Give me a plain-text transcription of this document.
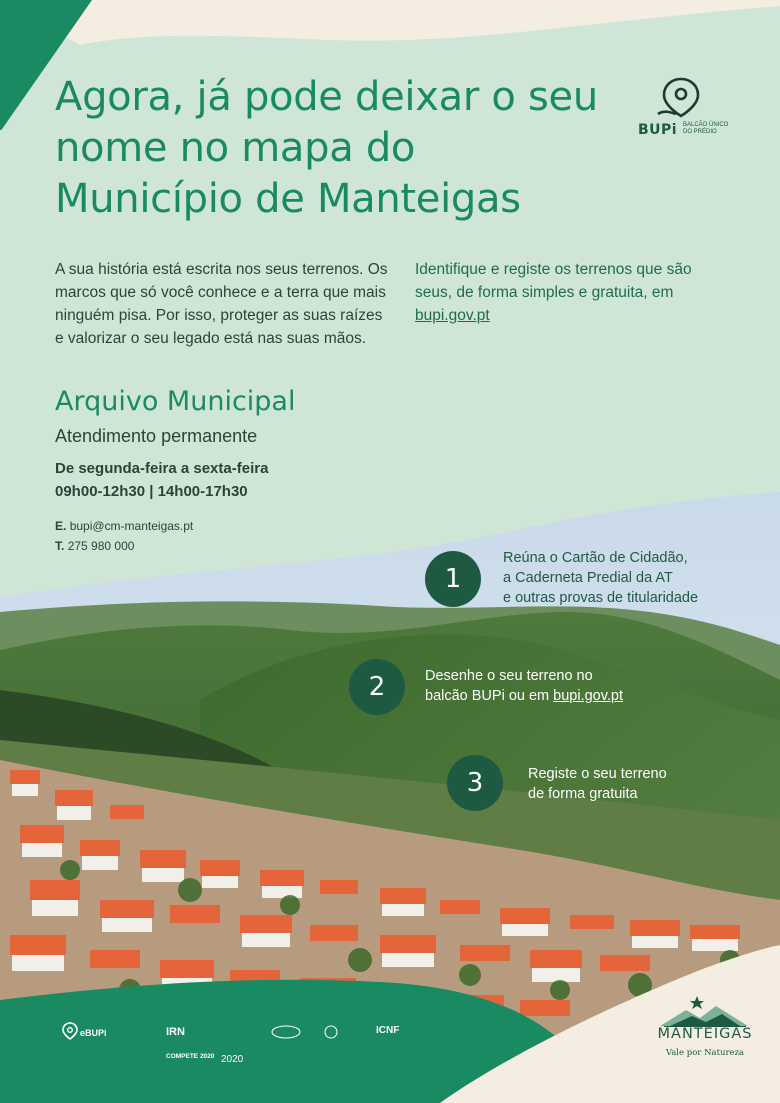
Agora, já pode deixar o seu nome no mapa do Município de Manteigas
BUPi BALCÃO ÚNICO
DO PRÉDIO

A sua história está escrita nos seus terrenos. Os marcos que só você conhece e a terra que mais ninguém pisa. Por isso, proteger as suas raízes e valorizar o seu legado está nas suas mãos.

Identifique e registe os terrenos que são seus, de forma simples e gratuita, em bupi.gov.pt

Arquivo Municipal
Atendimento permanente
De segunda-feira a sexta-feira
09h00-12h30 | 14h00-17h30
E. bupi@cm-manteigas.pt
T. 275 980 000
1
Reúna o Cartão de Cidadão,
a Caderneta Predial da AT
e outras provas de titularidade
2	Desenhe o seu terreno no
balcão BUPi ou em bupi.gov.pt
3	Registe o seu terreno
de forma gratuita
eBUPi	IRN	ICNF
COMPETE 2020 2020
MANTEIGAS
Vale por Natureza
